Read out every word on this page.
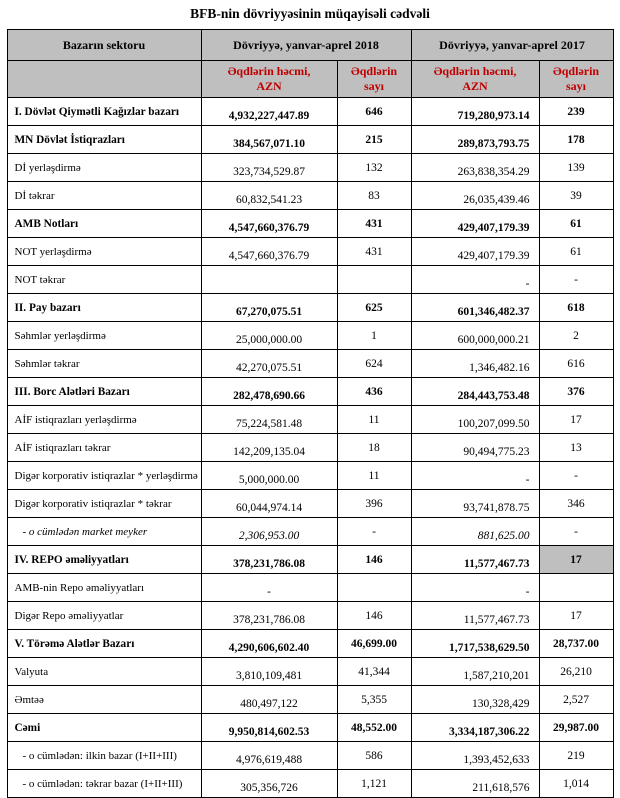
BFB-nin dövriyyəsinin müqayisəli cədvəli
Bazarın sektoru	Dövriyyə, yanvar-aprel 2018		Dövriyyə, yanvar-aprel 2017	
	Əqdlərin həcmi, AZN	Əqdlərin sayı	Əqdlərin həcmi, AZN	Əqdlərin sayı
I. Dövlət Qiymətli Kağızlar bazarı	4,932,227,447.89	646	719,280,973.14	239
MN Dövlət İstiqrazları	384,567,071.10	215	289,873,793.75	178
Dİ yerləşdirmə	323,734,529.87	132	263,838,354.29	139
Dİ təkrar	60,832,541.23	83	26,035,439.46	39
AMB Notları	4,547,660,376.79	431	429,407,179.39	61
NOT yerləşdirmə	4,547,660,376.79	431	429,407,179.39	61
NOT təkrar			-	-
II. Pay bazarı	67,270,075.51	625	601,346,482.37	618
Səhmlər yerləşdirmə	25,000,000.00	1	600,000,000.21	2
Səhmlər təkrar	42,270,075.51	624	1,346,482.16	616
III. Borc Alətləri Bazarı	282,478,690.66	436	284,443,753.48	376
AİF istiqrazları yerləşdirmə	75,224,581.48	11	100,207,099.50	17
AİF istiqrazları təkrar	142,209,135.04	18	90,494,775.23	13
Digər korporativ istiqrazlar * yerləşdirmə	5,000,000.00	11	-	-
Digər korporativ istiqrazlar * təkrar	60,044,974.14	396	93,741,878.75	346
- o cümlədən market meyker	2,306,953.00	-	881,625.00	-
IV. REPO əməliyyatları	378,231,786.08	146	11,577,467.73	17
AMB-nin Repo əməliyyatları	-		-	
Digər Repo əməliyyatlar	378,231,786.08	146	11,577,467.73	17
V. Törəmə Alətlər Bazarı	4,290,606,602.40	46,699.00	1,717,538,629.50	28,737.00
Valyuta	3,810,109,481	41,344	1,587,210,201	26,210
Əmtəə	480,497,122	5,355	130,328,429	2,527
Cəmi	9,950,814,602.53	48,552.00	3,334,187,306.22	29,987.00
- o cümlədən: ilkin bazar (I+II+III)	4,976,619,488	586	1,393,452,633	219
- o cümlədən: təkrar bazar (I+II+III)	305,356,726	1,121	211,618,576	1,014
